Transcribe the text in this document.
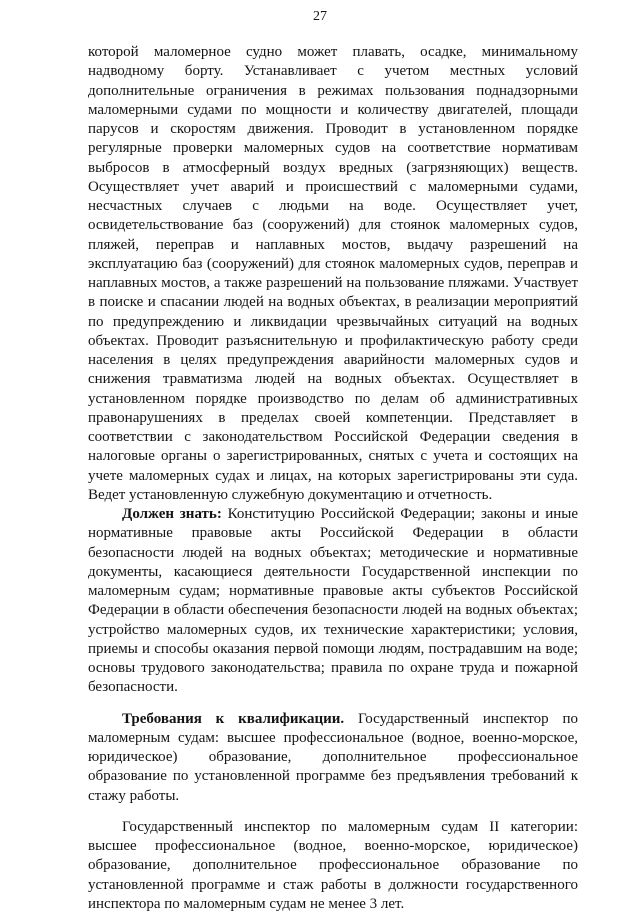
27

которой маломерное судно может плавать, осадке, минимальному надводному борту. Устанавливает с учетом местных условий дополнительные ограничения в режимах пользования поднадзорными маломерными судами по мощности и количеству двигателей, площади парусов и скоростям движения. Проводит в установленном порядке регулярные проверки маломерных судов на соответствие нормативам выбросов в атмосферный воздух вредных (загрязняющих) веществ. Осуществляет учет аварий и происшествий с маломерными судами, несчастных случаев с людьми на воде. Осуществляет учет, освидетельствование баз (сооружений) для стоянок маломерных судов, пляжей, переправ и наплавных мостов, выдачу разрешений на эксплуатацию баз (сооружений) для стоянок маломерных судов, переправ и наплавных мостов, а также разрешений на пользование пляжами. Участвует в поиске и спасании людей на водных объектах, в реализации мероприятий по предупреждению и ликвидации чрезвычайных ситуаций на водных объектах. Проводит разъяснительную и профилактическую работу среди населения в целях предупреждения аварийности маломерных судов и снижения травматизма людей на водных объектах. Осуществляет в установленном порядке производство по делам об административных правонарушениях в пределах своей компетенции. Представляет в соответствии с законодательством Российской Федерации сведения в налоговые органы о зарегистрированных, снятых с учета и состоящих на учете маломерных судах и лицах, на которых зарегистрированы эти суда. Ведет установленную служебную документацию и отчетность.

Должен знать: Конституцию Российской Федерации; законы и иные нормативные правовые акты Российской Федерации в области безопасности людей на водных объектах; методические и нормативные документы, касающиеся деятельности Государственной инспекции по маломерным судам; нормативные правовые акты субъектов Российской Федерации в области обеспечения безопасности людей на водных объектах; устройство маломерных судов, их технические характеристики; условия, приемы и способы оказания первой помощи людям, пострадавшим на воде; основы трудового законодательства; правила по охране труда и пожарной безопасности.

Требования к квалификации. Государственный инспектор по маломерным судам: высшее профессиональное (водное, военно-морское, юридическое) образование, дополнительное профессиональное образование по установленной программе без предъявления требований к стажу работы.

Государственный инспектор по маломерным судам II категории: высшее профессиональное (водное, военно-морское, юридическое) образование, дополнительное профессиональное образование по установленной программе и стаж работы в должности государственного инспектора по маломерным судам не менее 3 лет.
